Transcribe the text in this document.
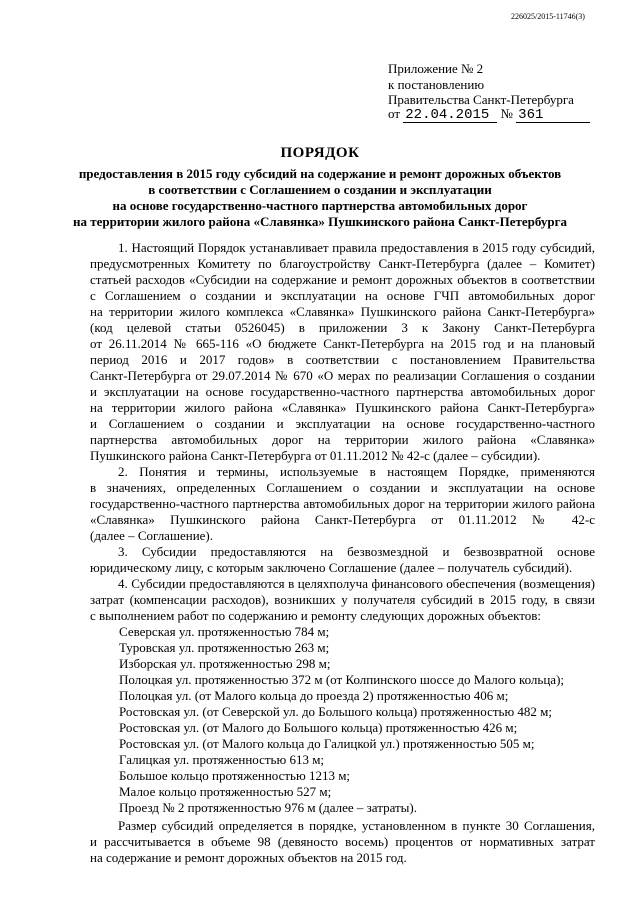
226025/2015-11746(3)
Приложение № 2
к постановлению
Правительства Санкт-Петербурга
от 22.04.2015 № 361
ПОРЯДОК
предоставления в 2015 году субсидий на содержание и ремонт дорожных объектов
в соответствии с Соглашением о создании и эксплуатации
на основе государственно-частного партнерства автомобильных дорог
на территории жилого района «Славянка» Пушкинского района Санкт-Петербурга
1. Настоящий Порядок устанавливает правила предоставления в 2015 году субсидий,
предусмотренных Комитету по благоустройству Санкт-Петербурга (далее – Комитет)
статьей расходов «Субсидии на содержание и ремонт дорожных объектов в соответствии
с Соглашением о создании и эксплуатации на основе ГЧП автомобильных дорог
на территории жилого комплекса «Славянка» Пушкинского района Санкт-Петербурга»
(код целевой статьи 0526045) в приложении 3 к Закону Санкт-Петербурга
от 26.11.2014 № 665-116 «О бюджете Санкт-Петербурга на 2015 год и на плановый
период 2016 и 2017 годов» в соответствии с постановлением Правительства
Санкт-Петербурга от 29.07.2014 № 670 «О мерах по реализации Соглашения о создании
и эксплуатации на основе государственно-частного партнерства автомобильных дорог
на территории жилого района «Славянка» Пушкинского района Санкт-Петербурга»
и Соглашением о создании и эксплуатации на основе государственно-частного
партнерства автомобильных дорог на территории жилого района «Славянка»
Пушкинского района Санкт-Петербурга от 01.11.2012 № 42-с (далее – субсидии).
2. Понятия и термины, используемые в настоящем Порядке, применяются
в значениях, определенных Соглашением о создании и эксплуатации на основе
государственно-частного партнерства автомобильных дорог на территории жилого района
«Славянка» Пушкинского района Санкт-Петербурга от 01.11.2012 № 42-с
(далее – Соглашение).
3. Субсидии предоставляются на безвозмездной и безвозвратной основе
юридическому лицу, с которым заключено Соглашение (далее – получатель субсидий).
4. Субсидии предоставляются в целяхполуча финансового обеспечения (возмещения)
затрат (компенсации расходов), возникших у получателя субсидий в 2015 году, в связи
с выполнением работ по содержанию и ремонту следующих дорожных объектов:
Северская ул. протяженностью 784 м;
Туровская ул. протяженностью 263 м;
Изборская ул. протяженностью 298 м;
Полоцкая ул. протяженностью 372 м (от Колпинского шоссе до Малого кольца);
Полоцкая ул. (от Малого кольца до проезда 2) протяженностью 406 м;
Ростовская ул. (от Северской ул. до Большого кольца) протяженностью 482 м;
Ростовская ул. (от Малого до Большого кольца) протяженностью 426 м;
Ростовская ул. (от Малого кольца до Галицкой ул.) протяженностью 505 м;
Галицкая ул. протяженностью 613 м;
Большое кольцо протяженностью 1213 м;
Малое кольцо протяженностью 527 м;
Проезд № 2 протяженностью 976 м (далее – затраты).
Размер субсидий определяется в порядке, установленном в пункте 30 Соглашения,
и рассчитывается в объеме 98 (девяносто восемь) процентов от нормативных затрат
на содержание и ремонт дорожных объектов на 2015 год.
